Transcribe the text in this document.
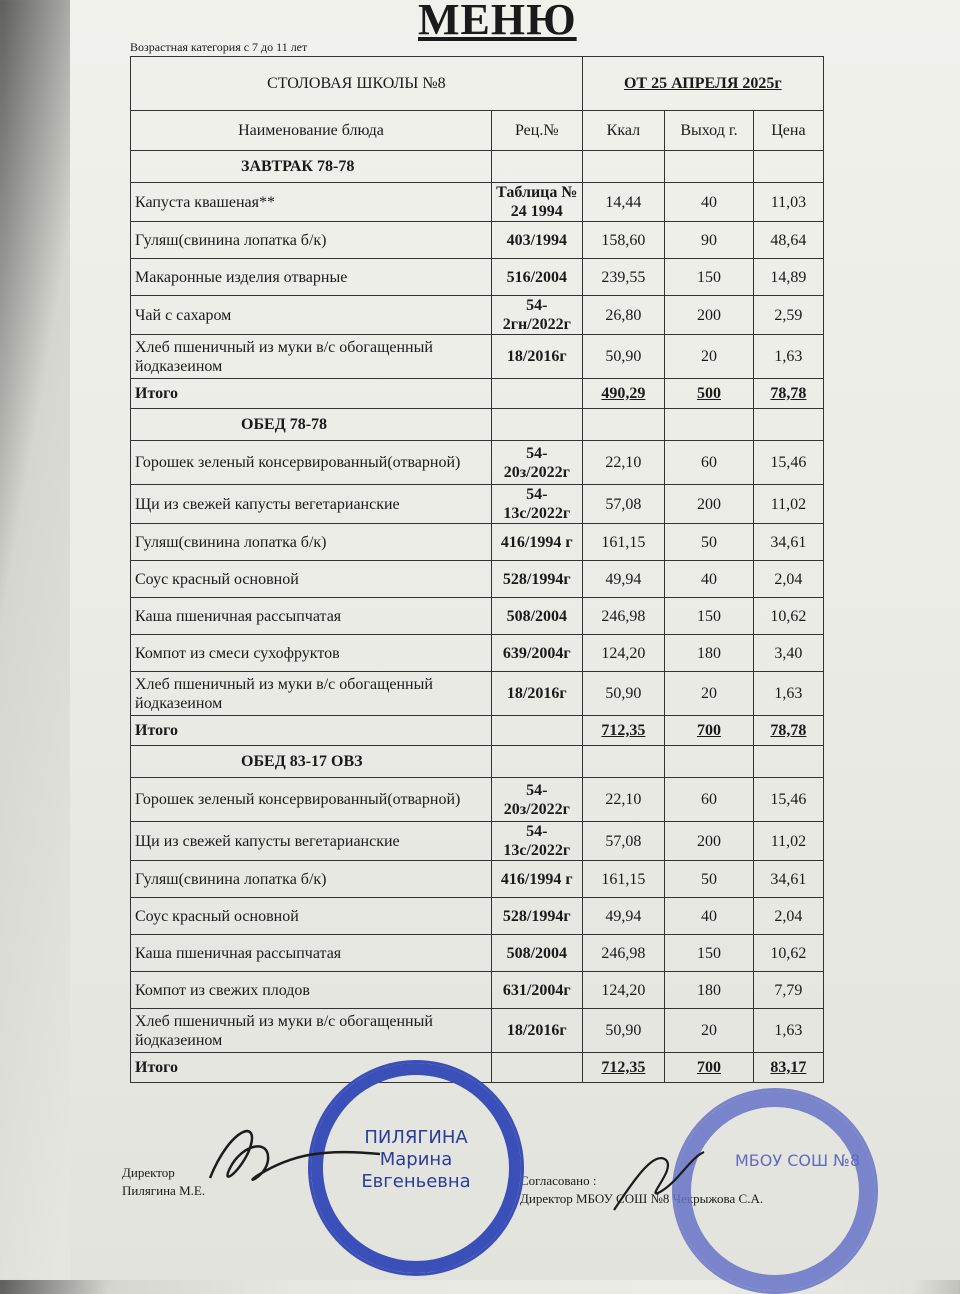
МЕНЮ
Возрастная категория с 7 до 11 лет
СТОЛОВАЯ ШКОЛЫ №8		ОТ 25 АПРЕЛЯ 2025г		
Наименование блюда	Рец.№	Ккал	Выход г.	Цена
ЗАВТРАК 78-78				
Капуста квашеная**	Таблица № 24 1994	14,44	40	11,03
Гуляш(свинина лопатка б/к)	403/1994	158,60	90	48,64
Макаронные изделия отварные	516/2004	239,55	150	14,89
Чай с сахаром	54-2гн/2022г	26,80	200	2,59
Хлеб пшеничный из муки в/с обогащенный йодказеином	18/2016г	50,90	20	1,63
Итого		490,29	500	78,78
ОБЕД 78-78				
Горошек зеленый консервированный(отварной)	54-20з/2022г	22,10	60	15,46
Щи из свежей капусты вегетарианские	54-13с/2022г	57,08	200	11,02
Гуляш(свинина лопатка б/к)	416/1994 г	161,15	50	34,61
Соус красный основной	528/1994г	49,94	40	2,04
Каша пшеничная рассыпчатая	508/2004	246,98	150	10,62
Компот из смеси сухофруктов	639/2004г	124,20	180	3,40
Хлеб пшеничный из муки в/с обогащенный йодказеином	18/2016г	50,90	20	1,63
Итого		712,35	700	78,78
ОБЕД 83-17 ОВЗ				
Горошек зеленый консервированный(отварной)	54-20з/2022г	22,10	60	15,46
Щи из свежей капусты вегетарианские	54-13с/2022г	57,08	200	11,02
Гуляш(свинина лопатка б/к)	416/1994 г	161,15	50	34,61
Соус красный основной	528/1994г	49,94	40	2,04
Каша пшеничная рассыпчатая	508/2004	246,98	150	10,62
Компот из свежих плодов	631/2004г	124,20	180	7,79
Хлеб пшеничный из муки в/с обогащенный йодказеином	18/2016г	50,90	20	1,63
Итого		712,35	700	83,17
Директор
Пилягина М.Е.
Согласовано :
Директор МБОУ СОШ №8 Чекрыжова С.А.
ПИЛЯГИНА
Марина
Евгеньевна
МБОУ СОШ №8
